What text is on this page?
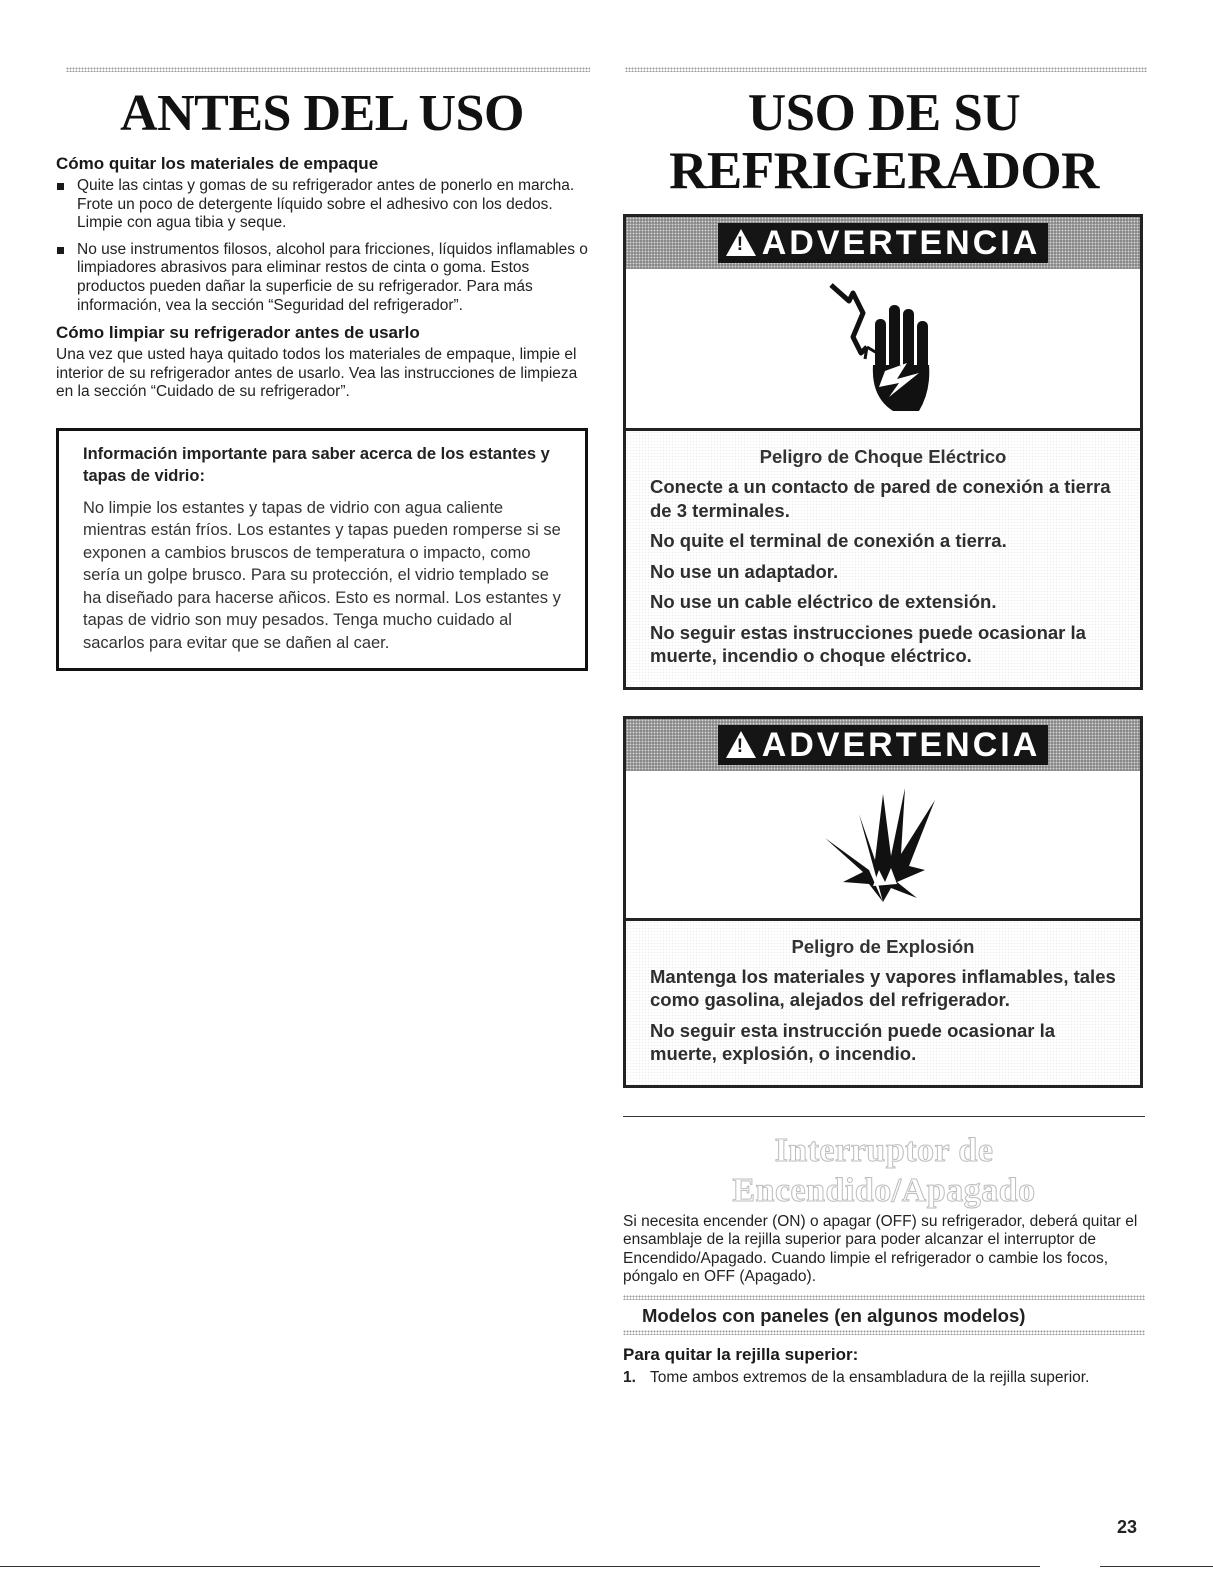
ANTES DEL USO
Cómo quitar los materiales de empaque
Quite las cintas y gomas de su refrigerador antes de ponerlo en marcha. Frote un poco de detergente líquido sobre el adhesivo con los dedos. Limpie con agua tibia y seque.
No use instrumentos filosos, alcohol para fricciones, líquidos inflamables o limpiadores abrasivos para eliminar restos de cinta o goma. Estos productos pueden dañar la superficie de su refrigerador. Para más información, vea la sección “Seguridad del refrigerador”.
Cómo limpiar su refrigerador antes de usarlo

Una vez que usted haya quitado todos los materiales de empaque, limpie el interior de su refrigerador antes de usarlo. Vea las instrucciones de limpieza en la sección “Cuidado de su refrigerador”.

Información importante para saber acerca de los estantes y tapas de vidrio:

No limpie los estantes y tapas de vidrio con agua caliente mientras están fríos. Los estantes y tapas pueden romperse si se exponen a cambios bruscos de temperatura o impacto, como sería un golpe brusco. Para su protección, el vidrio templado se ha diseñado para hacerse añicos. Esto es normal. Los estantes y tapas de vidrio son muy pesados. Tenga mucho cuidado al sacarlos para evitar que se dañen al caer.

USO DE SU
REFRIGERADOR
!ADVERTENCIA
Peligro de Choque Eléctrico
Conecte a un contacto de pared de conexión a tierra de 3 terminales.
No quite el terminal de conexión a tierra.
No use un adaptador.
No use un cable eléctrico de extensión.
No seguir estas instrucciones puede ocasionar la muerte, incendio o choque eléctrico.
!ADVERTENCIA
Peligro de Explosión
Mantenga los materiales y vapores inflamables, tales como gasolina, alejados del refrigerador.
No seguir esta instrucción puede ocasionar la muerte, explosión, o incendio.
Interruptor de Encendido/Apagado

Si necesita encender (ON) o apagar (OFF) su refrigerador, deberá quitar el ensamblaje de la rejilla superior para poder alcanzar el interruptor de Encendido/Apagado. Cuando limpie el refrigerador o cambie los focos, póngalo en OFF (Apagado).

Modelos con paneles (en algunos modelos)
Para quitar la rejilla superior:
1. Tome ambos extremos de la ensambladura de la rejilla superior.
23
